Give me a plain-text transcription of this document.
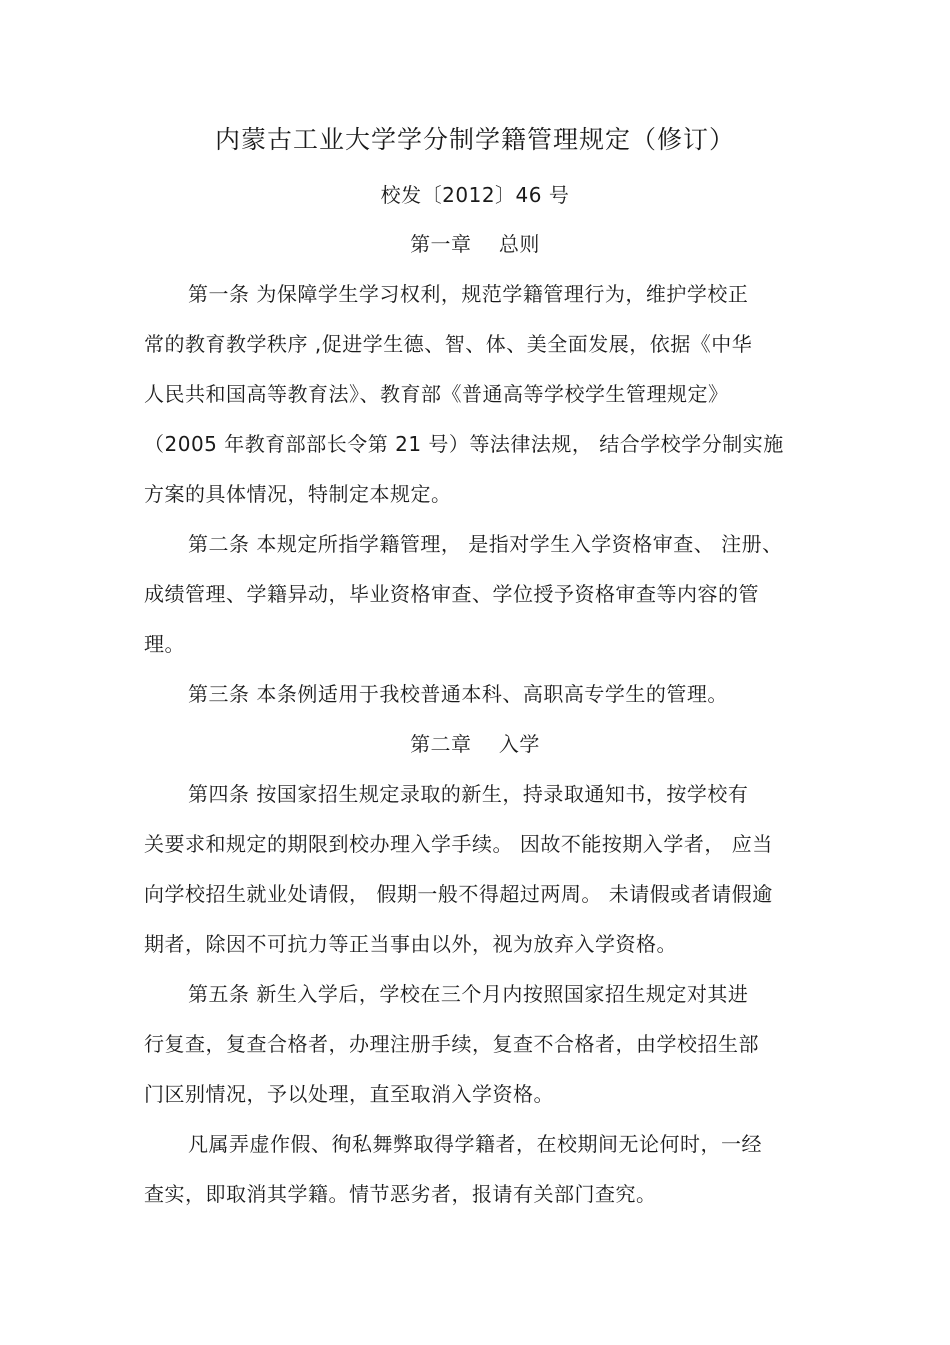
内蒙古工业大学学分制学籍管理规定（修订）
校发〔2012〕46 号
第一章　 总则
第一条 为保障学生学习权利，规范学籍管理行为，维护学校正
常的教育教学秩序 ,促进学生德、智、体、美全面发展，依据《中华
人民共和国高等教育法》、教育部《普通高等学校学生管理规定》
（2005 年教育部部长令第 21 号）等法律法规， 结合学校学分制实施
方案的具体情况，特制定本规定。
第二条 本规定所指学籍管理， 是指对学生入学资格审查、 注册、
成绩管理、学籍异动，毕业资格审查、学位授予资格审查等内容的管
理。
第三条 本条例适用于我校普通本科、高职高专学生的管理。
第二章　 入学
第四条 按国家招生规定录取的新生，持录取通知书，按学校有
关要求和规定的期限到校办理入学手续。 因故不能按期入学者， 应当
向学校招生就业处请假， 假期一般不得超过两周。 未请假或者请假逾
期者，除因不可抗力等正当事由以外，视为放弃入学资格。
第五条 新生入学后，学校在三个月内按照国家招生规定对其进
行复查，复查合格者，办理注册手续，复查不合格者，由学校招生部
门区别情况，予以处理，直至取消入学资格。
凡属弄虚作假、徇私舞弊取得学籍者，在校期间无论何时，一经
查实，即取消其学籍。情节恶劣者，报请有关部门查究。
